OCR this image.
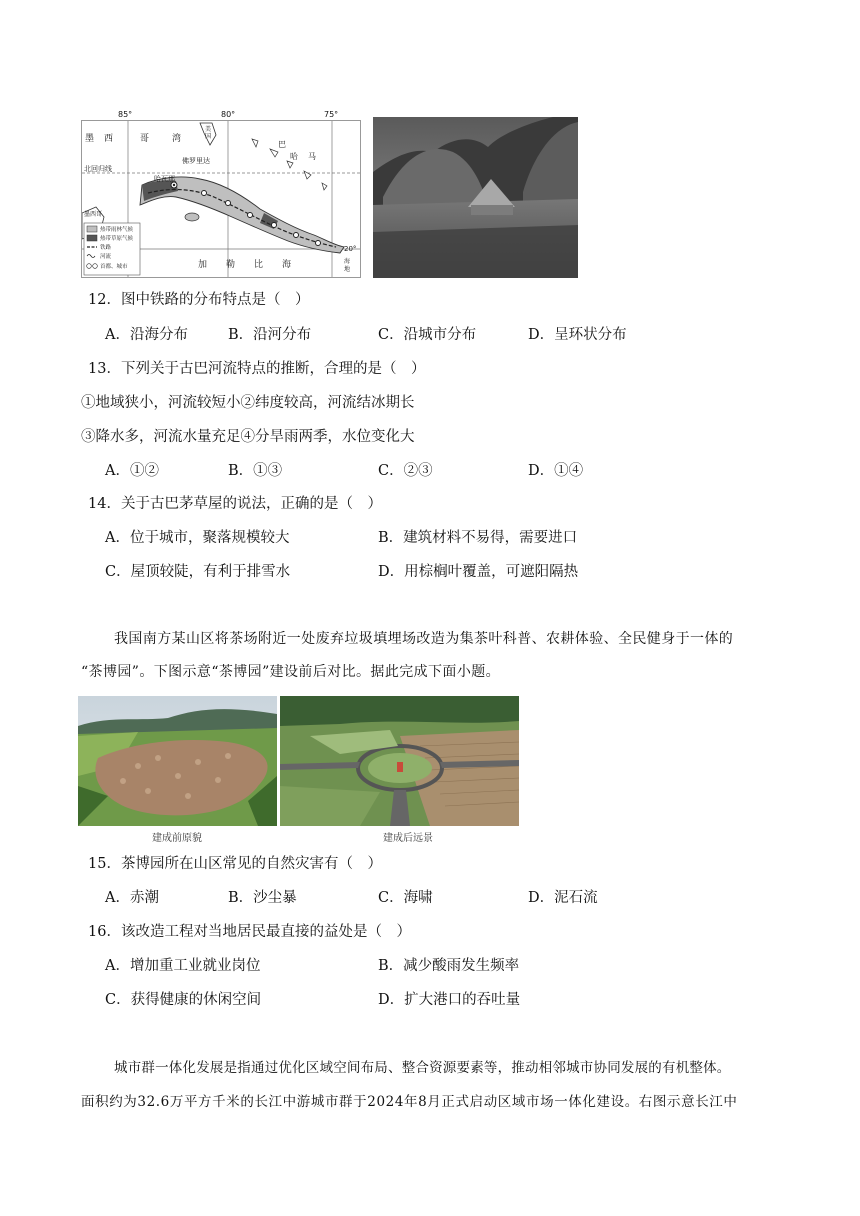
墨 西	哥	湾
美
国
佛罗里达
巴
哈 马
北回归线
哈瓦那
墨西哥
加 勒 比 海	海
地
20°
热带雨林气候
热带草原气候
铁路
河流
首都、城市
85°	80°	75°
12．图中铁路的分布特点是（　）
A．沿海分布	B．沿河分布	C．沿城市分布	D．呈环状分布
13．下列关于古巴河流特点的推断，合理的是（　）
①地域狭小，河流较短小②纬度较高，河流结冰期长
③降水多，河流水量充足④分旱雨两季，水位变化大
A．①②	B．①③	C．②③	D．①④
14．关于古巴茅草屋的说法，正确的是（　）
A．位于城市，聚落规模较大	B．建筑材料不易得，需要进口
C．屋顶较陡，有利于排雪水	D．用棕榈叶覆盖，可遮阳隔热
我国南方某山区将茶场附近一处废弃垃圾填埋场改造为集茶叶科普、农耕体验、全民健身于一体的
“茶博园”。下图示意“茶博园”建设前后对比。据此完成下面小题。
建成前原貌	建成后远景
15．茶博园所在山区常见的自然灾害有（　）
A．赤潮	B．沙尘暴	C．海啸	D．泥石流
16．该改造工程对当地居民最直接的益处是（　）
A．增加重工业就业岗位	B．减少酸雨发生频率
C．获得健康的休闲空间	D．扩大港口的吞吐量
城市群一体化发展是指通过优化区域空间布局、整合资源要素等，推动相邻城市协同发展的有机整体。
面积约为32.6万平方千米的长江中游城市群于2024年8月正式启动区域市场一体化建设。右图示意长江中
